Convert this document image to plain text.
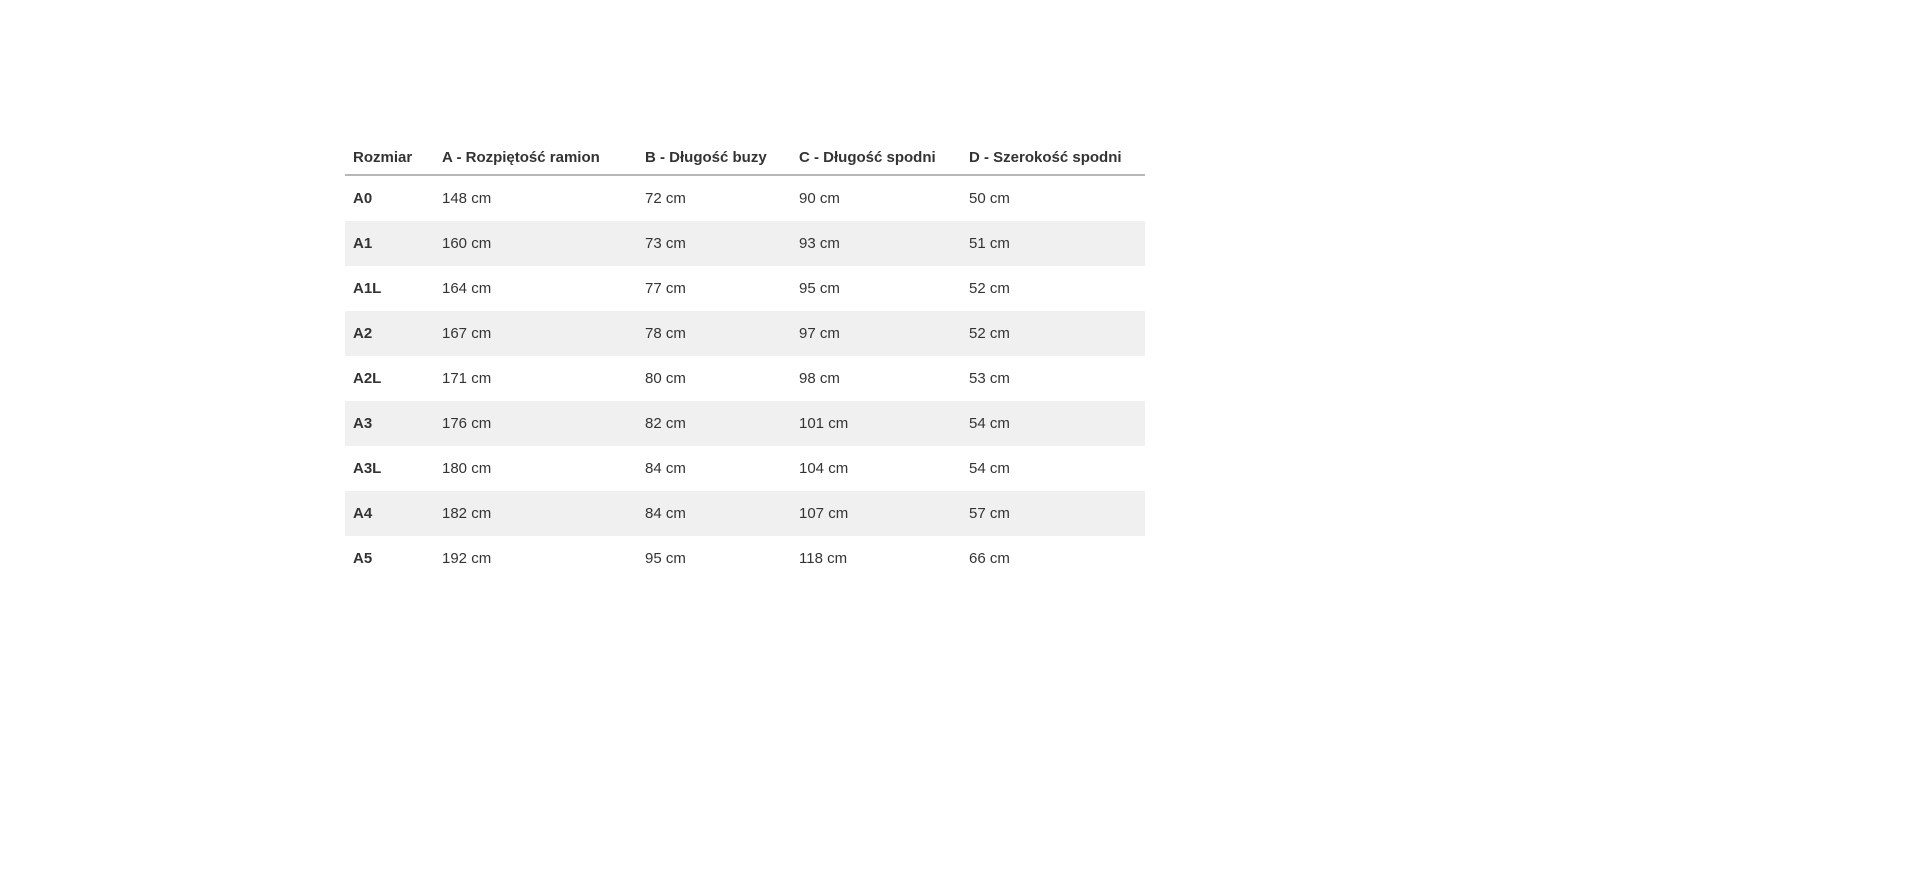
Rozmiar	A - Rozpiętość ramion	B - Długość buzy	C - Długość spodni	D - Szerokość spodni
A0	148 cm	72 cm	90 cm	50 cm
A1	160 cm	73 cm	93 cm	51 cm
A1L	164 cm	77 cm	95 cm	52 cm
A2	167 cm	78 cm	97 cm	52 cm
A2L	171 cm	80 cm	98 cm	53 cm
A3	176 cm	82 cm	101 cm	54 cm
A3L	180 cm	84 cm	104 cm	54 cm
A4	182 cm	84 cm	107 cm	57 cm
A5	192 cm	95 cm	118 cm	66 cm
